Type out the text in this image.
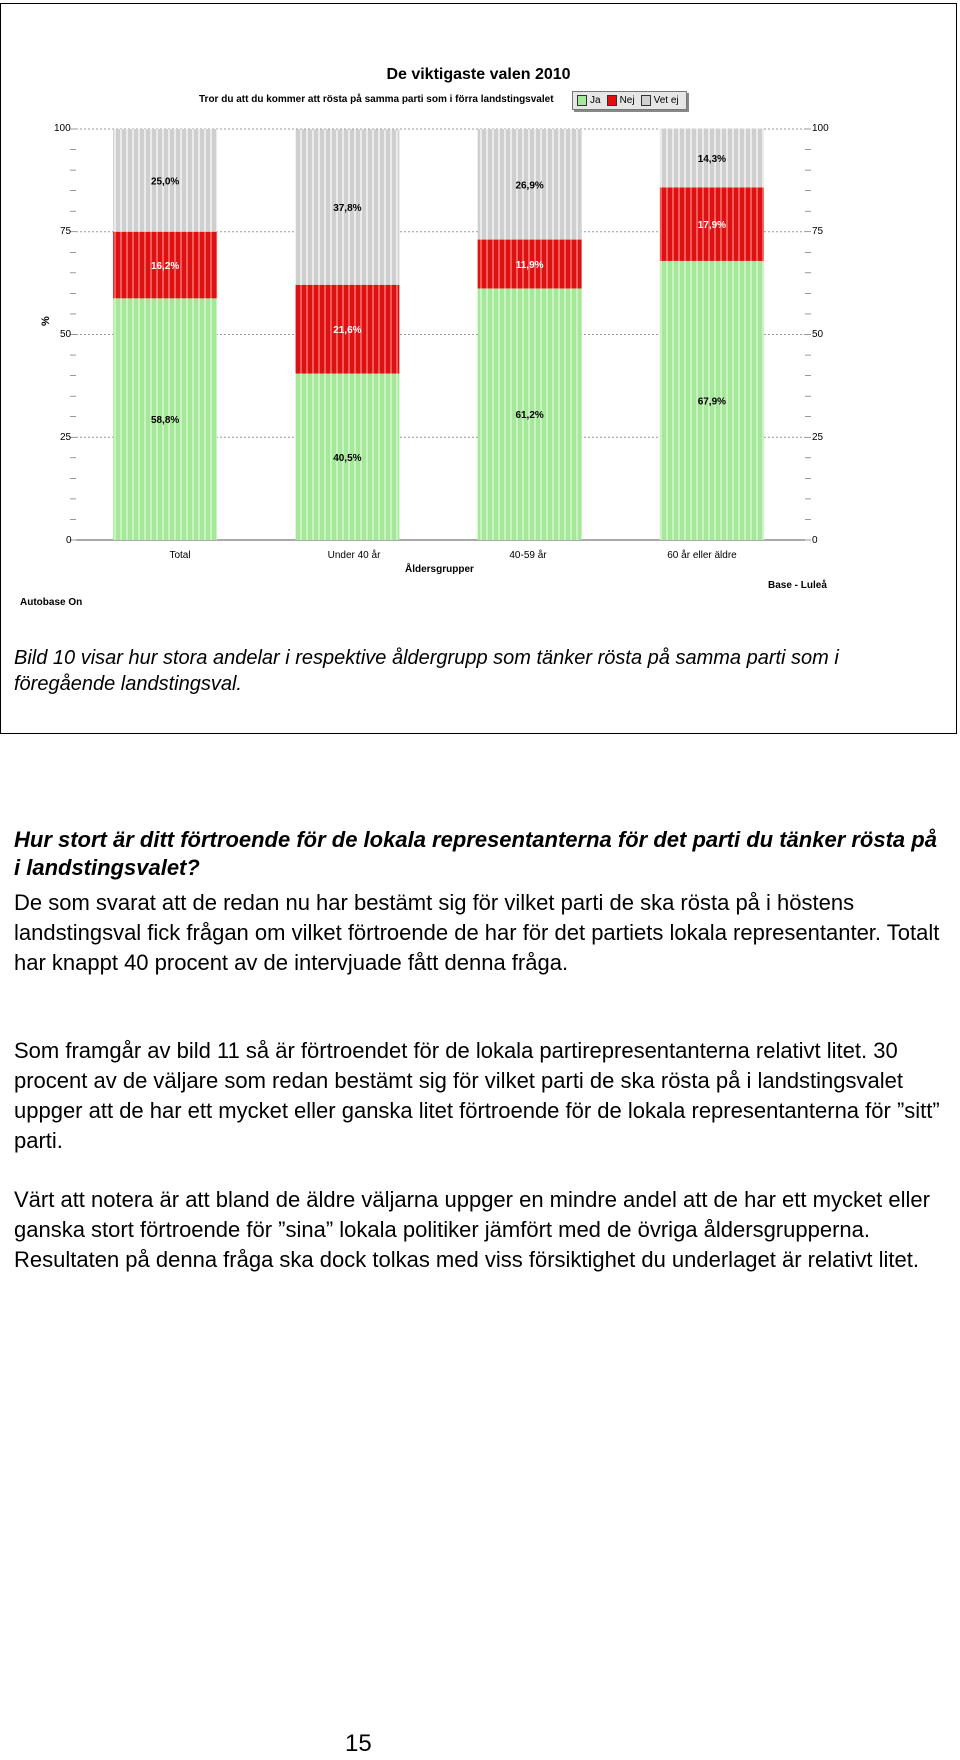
58,8%
16,2%
25,0%
40,5%
21,6%
37,8%
61,2%
11,9%
26,9%
67,9%
17,9%
14,3%
De viktigaste valen 2010
Tror du att du kommer att rösta på samma parti som i förra landstingsvalet	Ja Nej Vet ej
100
75
50
25
0
100
75
50
25
0
%
Total	Under 40 år	40-59 år	60 år eller äldre
Åldersgrupper
Base - Luleå
Autobase On
Bild 10 visar hur stora andelar i respektive åldergrupp som tänker rösta på samma parti som i föregående landstingsval.
Hur stort är ditt förtroende för de lokala representanterna för det parti du tänker rösta på i landstingsvalet?
De som svarat att de redan nu har bestämt sig för vilket parti de ska rösta på i höstens landstingsval fick frågan om vilket förtroende de har för det partiets lokala representanter. Totalt har knappt 40 procent av de intervjuade fått denna fråga.
Som framgår av bild 11 så är förtroendet för de lokala partirepresentanterna relativt litet. 30 procent av de väljare som redan bestämt sig för vilket parti de ska rösta på i landstingsvalet uppger att de har ett mycket eller ganska litet förtroende för de lokala representanterna för ”sitt” parti.
Värt att notera är att bland de äldre väljarna uppger en mindre andel att de har ett mycket eller ganska stort förtroende för ”sina” lokala politiker jämfört med de övriga åldersgrupperna. Resultaten på denna fråga ska dock tolkas med viss försiktighet du underlaget är relativt litet.
15
